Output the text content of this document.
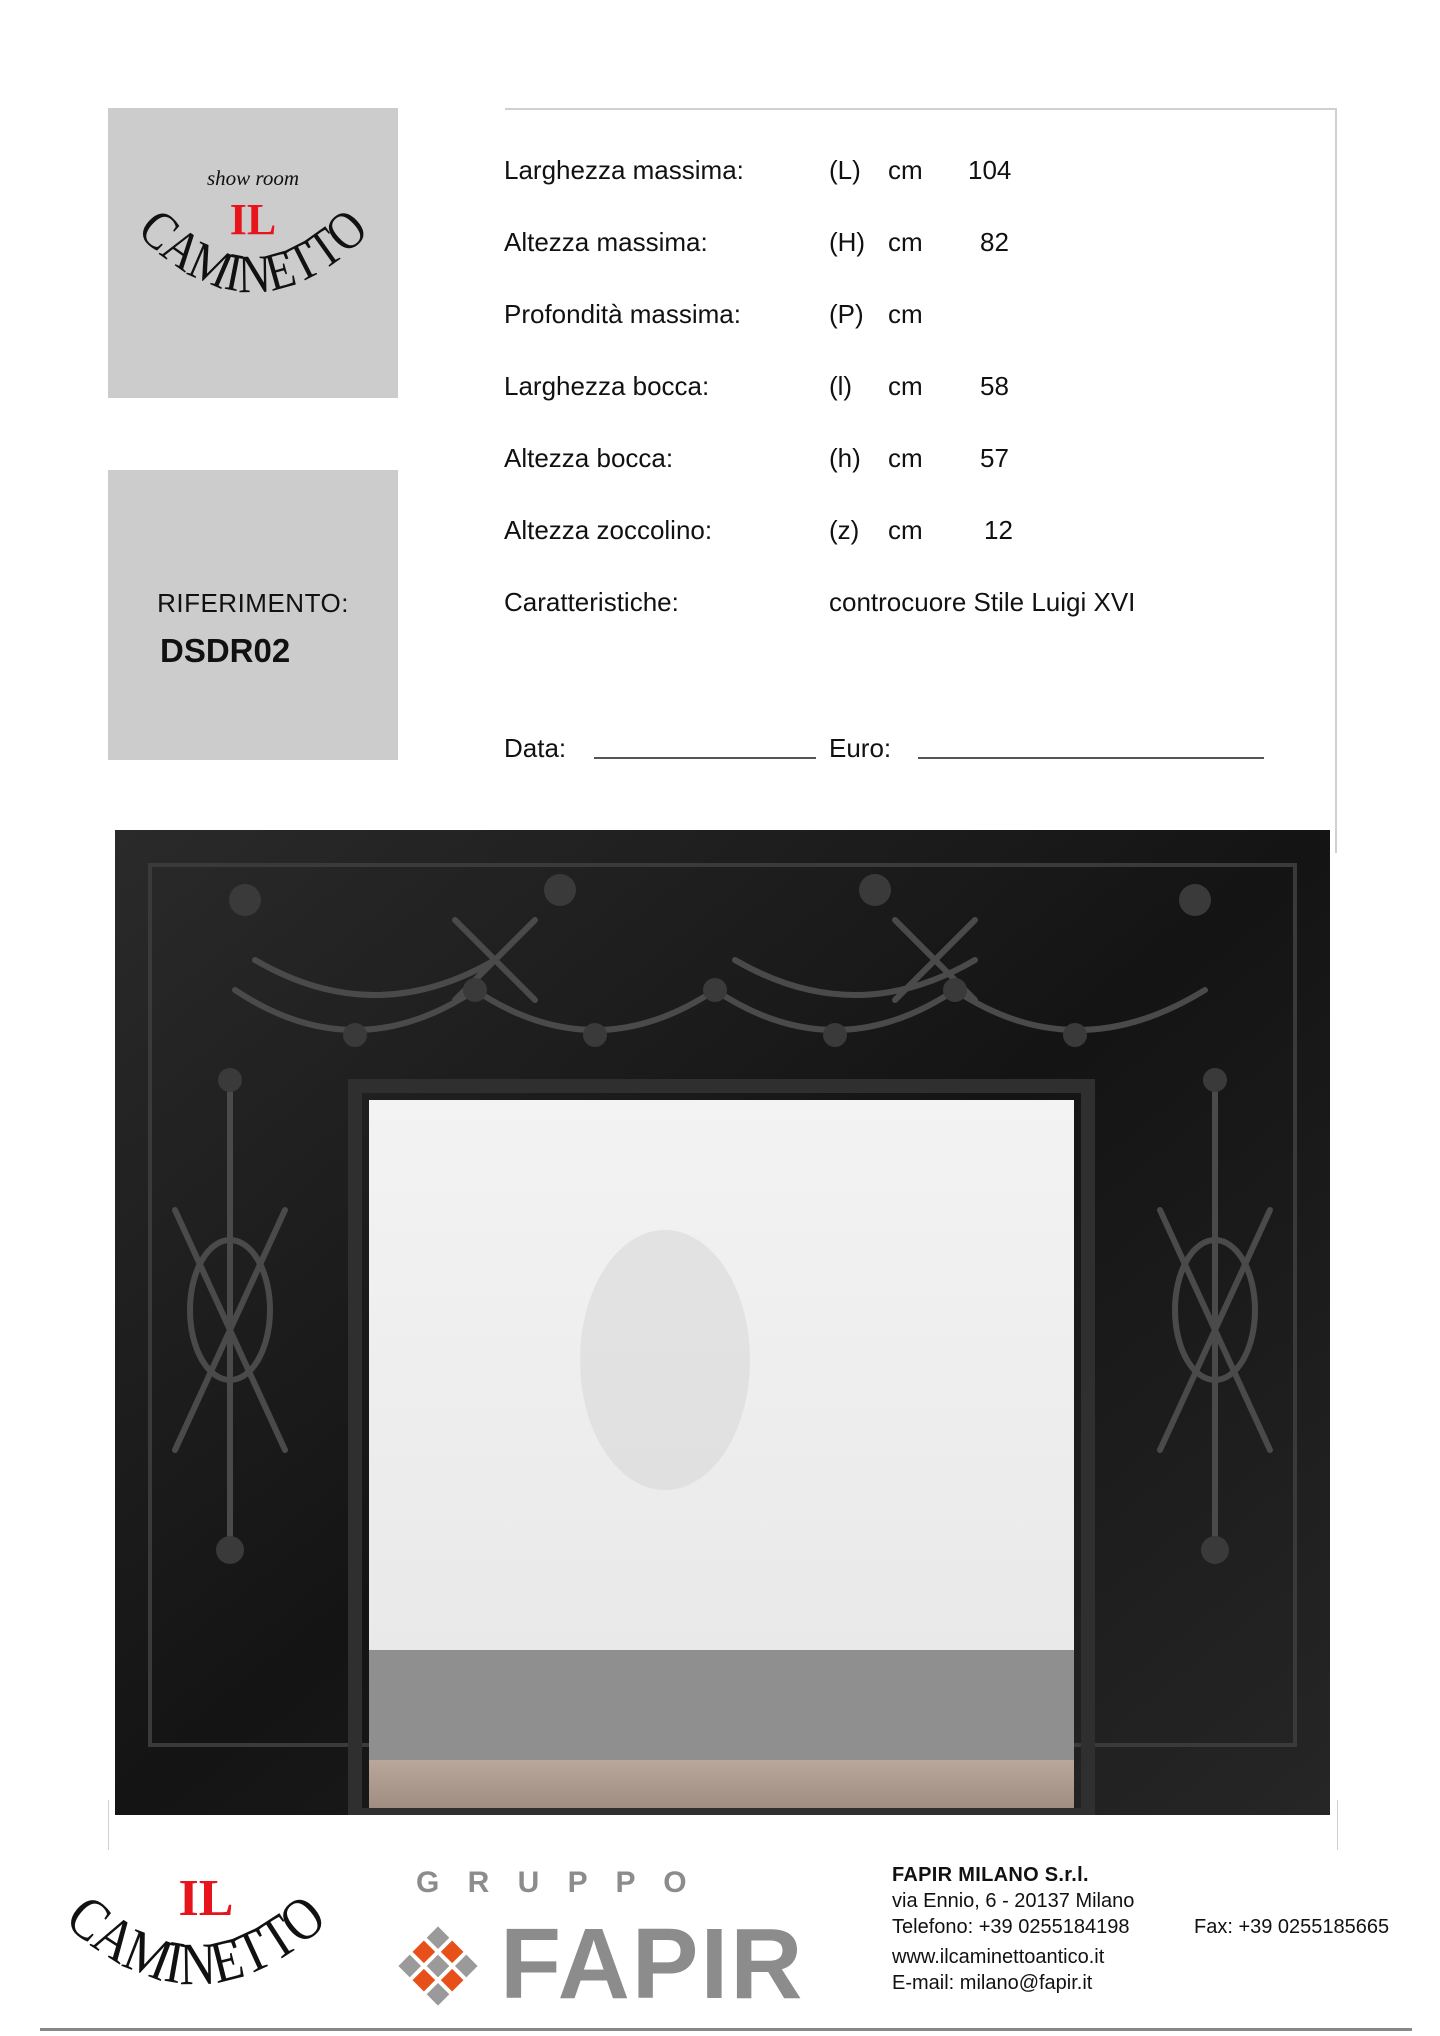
show room
IL
CAMINETTO
RIFERIMENTO:
DSDR02
Larghezza massima:	(L) cm 104
Altezza massima:	(H) cm 82
Profondità massima:	(P) cm
Larghezza bocca:	(l) cm 58
Altezza bocca:	(h) cm 57
Altezza zoccolino:	(z) cm 12
Caratteristiche:	controcuore Stile Luigi XVI
Data:	Euro:
IL
CAMINETTO G R U P P O
FAPIR
FAPIR MILANO S.r.l.
via Ennio, 6 - 20137 Milano
Telefono: +39 0255184198	Fax: +39 0255185665
www.ilcaminettoantico.it
E-mail: milano@fapir.it
